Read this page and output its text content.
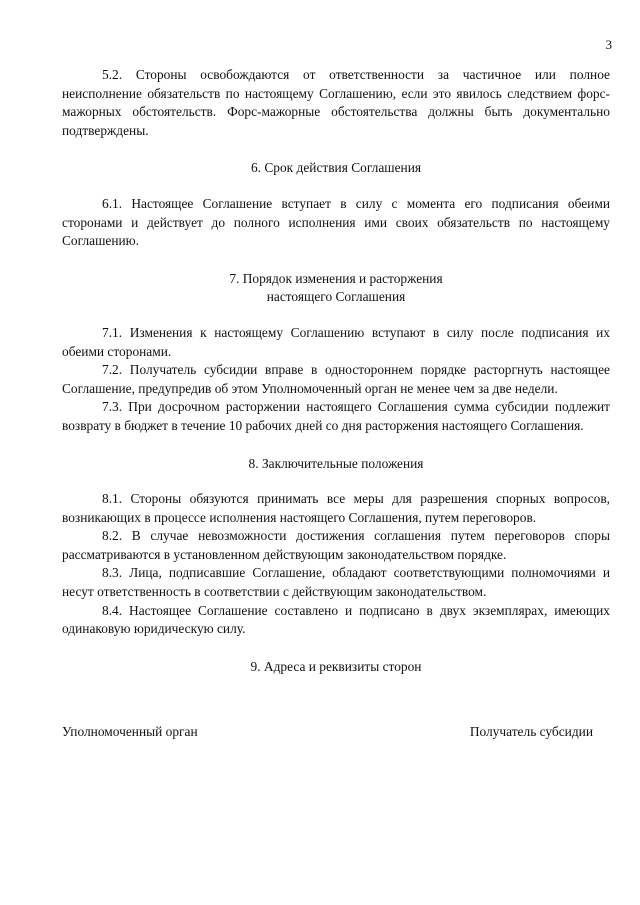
3

5.2. Стороны освобождаются от ответственности за частичное или полное неисполнение обязательств по настоящему Соглашению, если это явилось следствием форс-мажорных обстоятельств. Форс-мажорные обстоятельства должны быть документально подтверждены.

6. Срок действия Соглашения

6.1. Настоящее Соглашение вступает в силу с момента его подписания обеими сторонами и действует до полного исполнения ими своих обязательств по настоящему Соглашению.

7. Порядок изменения и расторжения
настоящего Соглашения

7.1. Изменения к настоящему Соглашению вступают в силу после подписания их обеими сторонами.

7.2. Получатель субсидии вправе в одностороннем порядке расторгнуть настоящее Соглашение, предупредив об этом Уполномоченный орган не менее чем за две недели.

7.3. При досрочном расторжении настоящего Соглашения сумма субсидии подлежит возврату в бюджет в течение 10 рабочих дней со дня расторжения настоящего Соглашения.

8. Заключительные положения

8.1. Стороны обязуются принимать все меры для разрешения спорных вопросов, возникающих в процессе исполнения настоящего Соглашения, путем переговоров.

8.2. В случае невозможности достижения соглашения путем переговоров споры рассматриваются в установленном действующим законодательством порядке.

8.3. Лица, подписавшие Соглашение, обладают соответствующими полномочиями и несут ответственность в соответствии с действующим законодательством.

8.4. Настоящее Соглашение составлено и подписано в двух экземплярах, имеющих одинаковую юридическую силу.

9. Адреса и реквизиты сторон

Уполномоченный орган	Получатель субсидии
